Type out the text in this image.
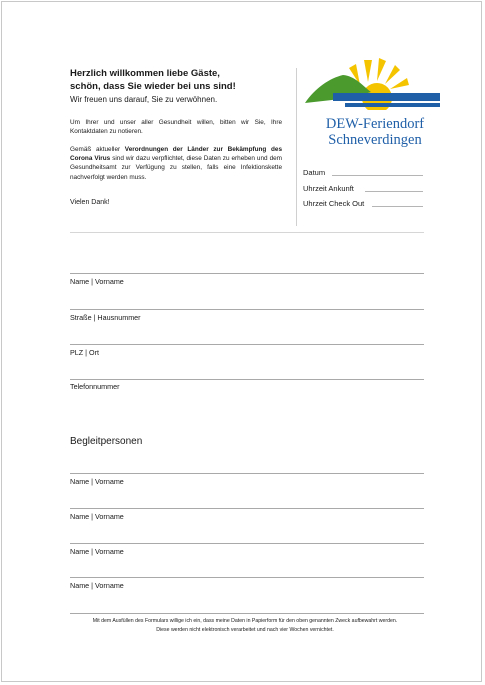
Herzlich willkommen liebe Gäste,
schön, dass Sie wieder bei uns sind!
Wir freuen uns darauf, Sie zu verwöhnen.
Um Ihrer und unser aller Gesundheit willen, bitten wir Sie, Ihre Kontaktdaten zu notieren.
Gemäß aktueller Verordnungen der Länder zur Bekämpfung des Corona Virus sind wir dazu verpflichtet, diese Daten zu erheben und dem Gesundheitsamt zur Verfügung zu stellen, falls eine Infektionskette nachverfolgt werden muss.
Vielen Dank!
DEW-Feriendorf
Schneverdingen
Datum
Uhrzeit Ankunft
Uhrzeit Check Out
Name | Vorname
Straße | Hausnummer
PLZ | Ort
Telefonnummer
Begleitpersonen
Name | Vorname
Name | Vorname
Name | Vorname
Name | Vorname
Mit dem Ausfüllen des Formulars willige ich ein, dass meine Daten in Papierform für den oben genannten Zweck aufbewahrt werden.
Diese werden nicht elektronisch verarbeitet und nach vier Wochen vernichtet.
